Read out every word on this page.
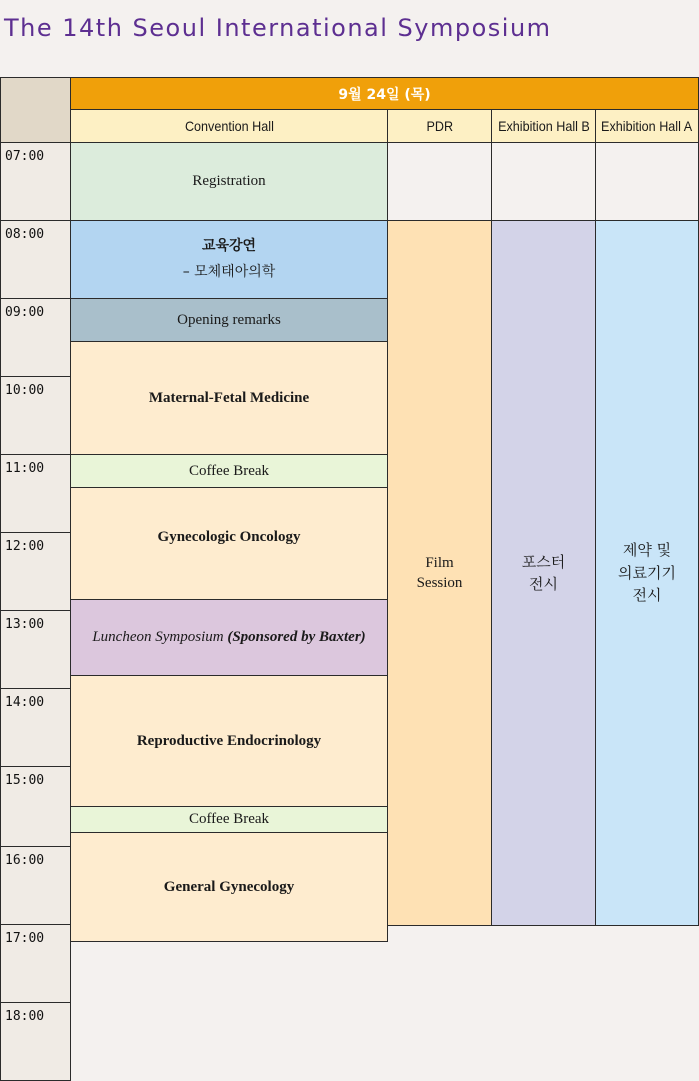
The 14th Seoul International Symposium
9월 24일 (목)
Convention Hall	PDR	Exhibition Hall B Exhibition Hall A
07:00
08:00
09:00
10:00
11:00
12:00
13:00
14:00
15:00
16:00
17:00
18:00
Registration
교육강연
– 모체태아의학
Opening remarks
Maternal-Fetal Medicine
Coffee Break
Gynecologic Oncology
Luncheon Symposium (Sponsored by Baxter)
Reproductive Endocrinology
Coffee Break
General Gynecology
Film
Session
포스터
전시
제약 및
의료기기
전시
